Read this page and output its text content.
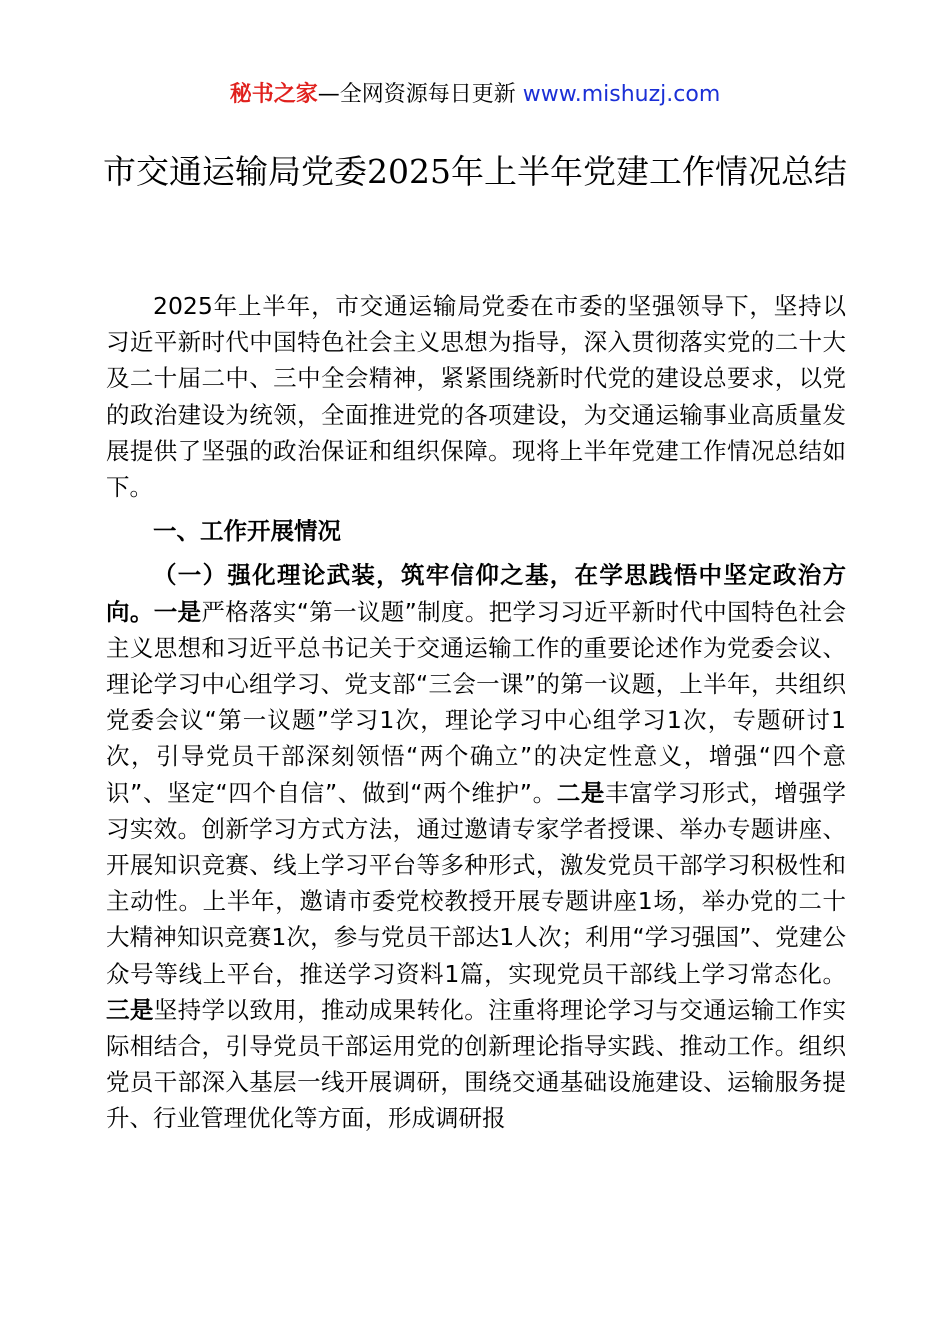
秘书之家—全网资源每日更新 www.mishuzj.com
市交通运输局党委2025年上半年党建工作情况总结

2025年上半年，市交通运输局党委在市委的坚强领导下，坚持以习近平新时代中国特色社会主义思想为指导，深入贯彻落实党的二十大及二十届二中、三中全会精神，紧紧围绕新时代党的建设总要求，以党的政治建设为统领，全面推进党的各项建设，为交通运输事业高质量发展提供了坚强的政治保证和组织保障。现将上半年党建工作情况总结如下。

一、工作开展情况

（一）强化理论武装，筑牢信仰之基，在学思践悟中坚定政治方向。一是严格落实“第一议题”制度。把学习习近平新时代中国特色社会主义思想和习近平总书记关于交通运输工作的重要论述作为党委会议、理论学习中心组学习、党支部“三会一课”的第一议题，上半年，共组织党委会议“第一议题”学习1次，理论学习中心组学习1次，专题研讨1次，引导党员干部深刻领悟“两个确立”的决定性意义，增强“四个意识”、坚定“四个自信”、做到“两个维护”。二是丰富学习形式，增强学习实效。创新学习方式方法，通过邀请专家学者授课、举办专题讲座、开展知识竞赛、线上学习平台等多种形式，激发党员干部学习积极性和主动性。上半年，邀请市委党校教授开展专题讲座1场，举办党的二十大精神知识竞赛1次，参与党员干部达1人次；利用“学习强国”、党建公众号等线上平台，推送学习资料1篇，实现党员干部线上学习常态化。三是坚持学以致用，推动成果转化。注重将理论学习与交通运输工作实际相结合，引导党员干部运用党的创新理论指导实践、推动工作。组织党员干部深入基层一线开展调研，围绕交通基础设施建设、运输服务提升、行业管理优化等方面，形成调研报
